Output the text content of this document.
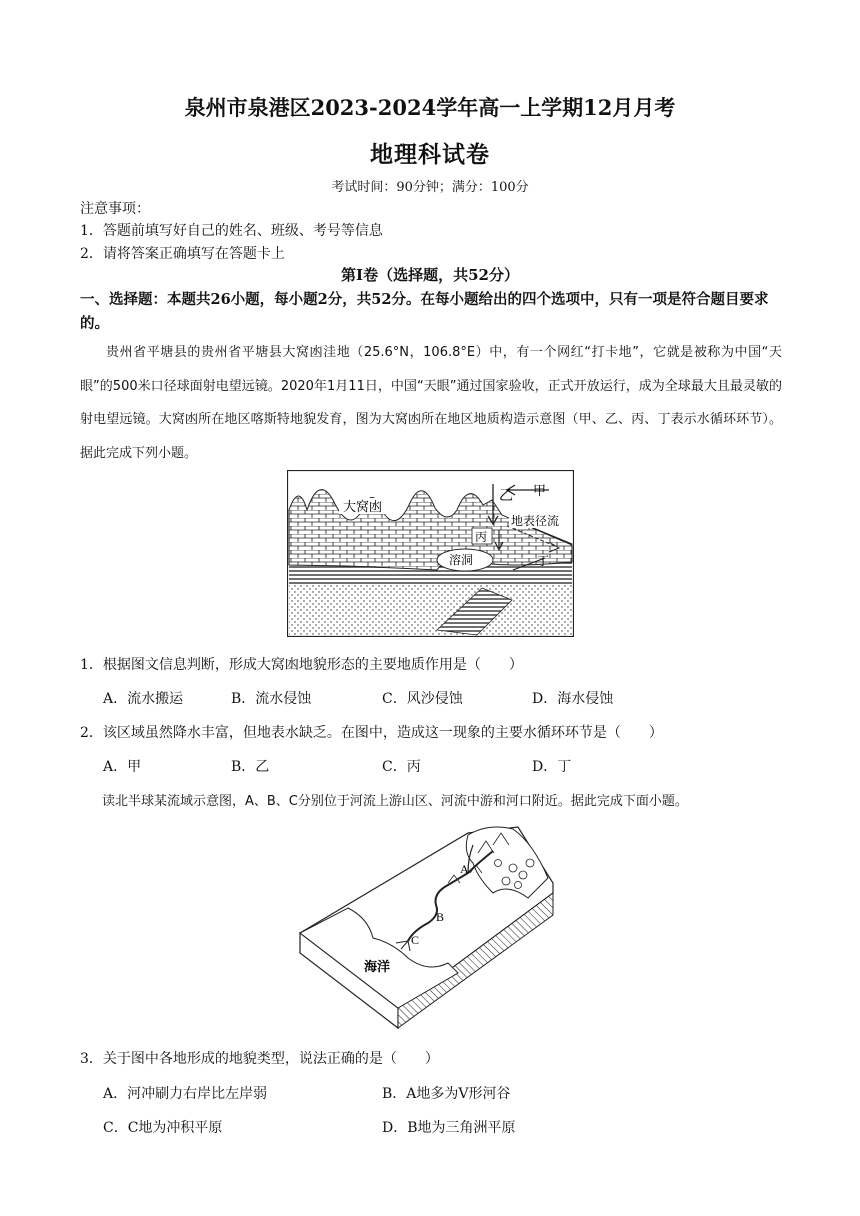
泉州市泉港区2023-2024学年高一上学期12月月考
地理科试卷
考试时间：90分钟；满分：100分
注意事项：
1．答题前填写好自己的姓名、班级、考号等信息
2．请将答案正确填写在答题卡上
第I卷（选择题，共52分）
一、选择题：本题共26小题，每小题2分，共52分。在每小题给出的四个选项中，只有一项是符合题目要求的。
贵州省平塘县的贵州省平塘县大窝凼洼地（25.6°N，106.8°E）中，有一个网红“打卡地”，它就是被称为中国“天眼”的500米口径球面射电望远镜。2020年1月11日，中国“天眼”通过国家验收，正式开放运行，成为全球最大且最灵敏的射电望远镜。大窝凼所在地区喀斯特地貌发育，图为大窝凼所在地区地质构造示意图（甲、乙、丙、丁表示水循环环节）。据此完成下列小题。
大窝凼
甲
乙
丙
丁
地表径流
溶洞
1．根据图文信息判断，形成大窝凼地貌形态的主要地质作用是（　　）
A．流水搬运	B．流水侵蚀	C．风沙侵蚀	D．海水侵蚀
2．该区域虽然降水丰富，但地表水缺乏。在图中，造成这一现象的主要水循环环节是（　　）
A．甲	B．乙	C．丙	D．丁
读北半球某流域示意图，A、B、C分别位于河流上游山区、河流中游和河口附近。据此完成下面小题。
A
B
C
海洋
3．关于图中各地形成的地貌类型，说法正确的是（　　）
A．河冲刷力右岸比左岸弱	B．A地多为V形河谷
C．C地为冲积平原	D．B地为三角洲平原
